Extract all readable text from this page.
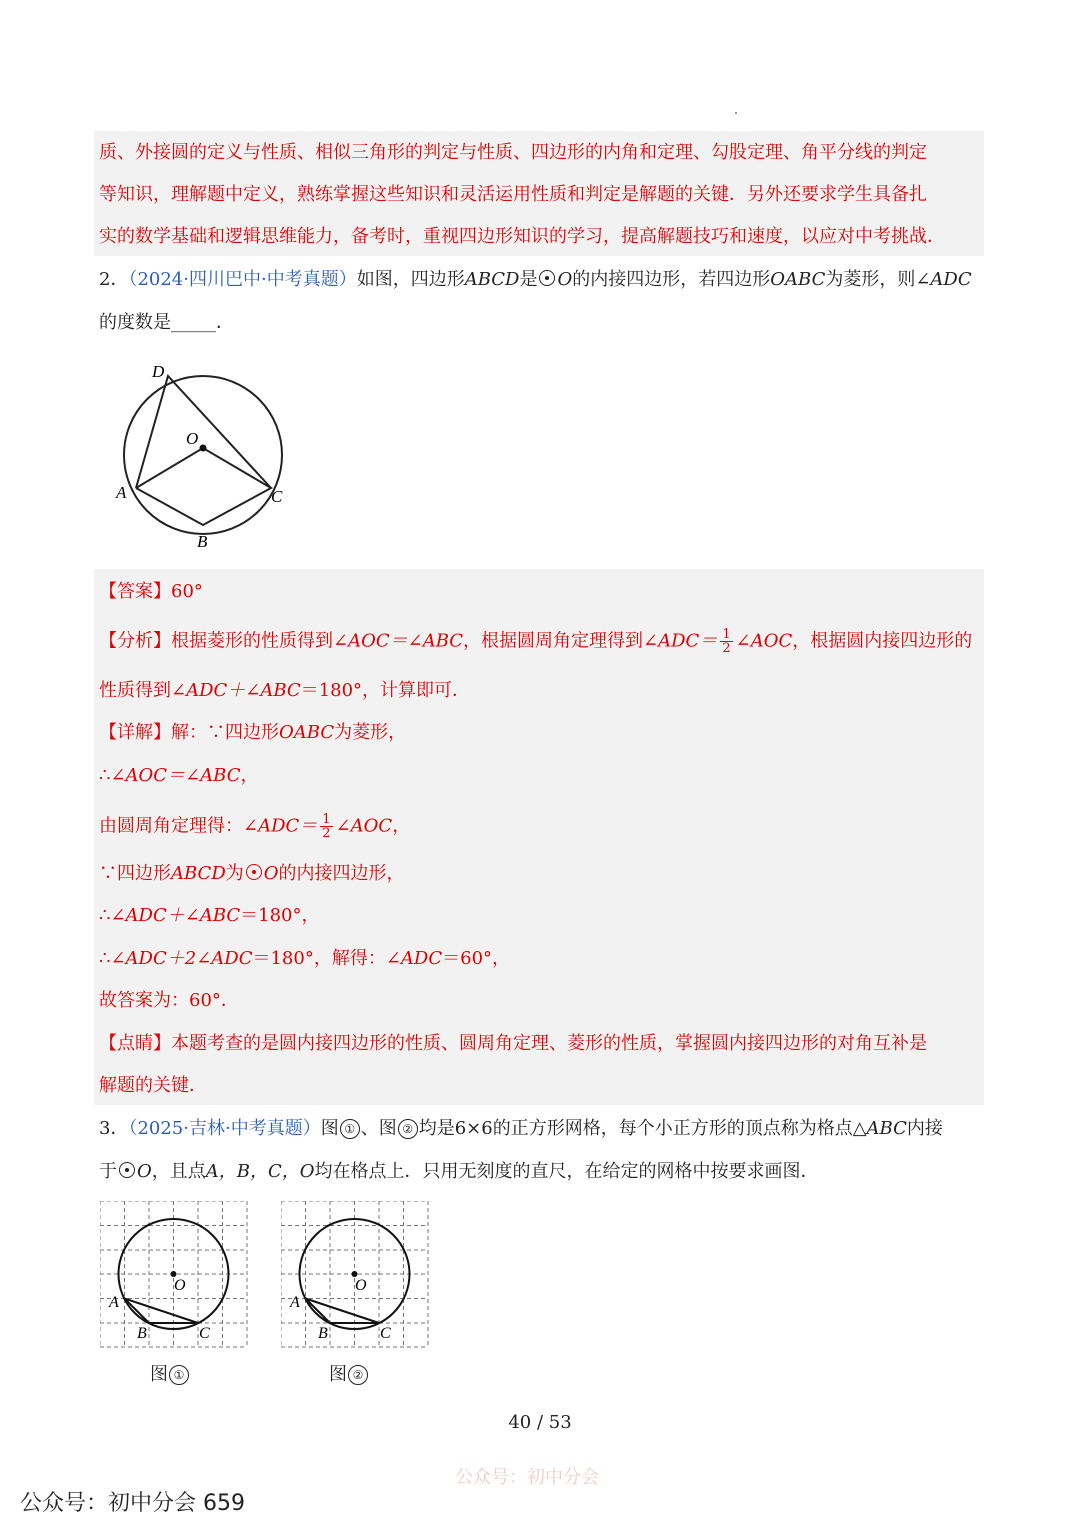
质、外接圆的定义与性质、相似三角形的判定与性质、四边形的内角和定理、勾股定理、角平分线的判定
等知识，理解题中定义，熟练掌握这些知识和灵活运用性质和判定是解题的关键．另外还要求学生具备扎
实的数学基础和逻辑思维能力，备考时，重视四边形知识的学习，提高解题技巧和速度，以应对中考挑战．
2．（2024·四川巴中·中考真题）如图，四边形ABCD是 O的内接四边形，若四边形OABC为菱形，则∠ADC
的度数是_____．
D
O
A	C
B
【答案】60°
【分析】根据菱形的性质得到∠AOC＝∠ABC，根据圆周角定理得到∠ADC＝ $\frac{1}{2}$ ∠AOC，根据圆内接四边形的
性质得到∠ADC＋∠ABC＝180°，计算即可．
【详解】解：∵四边形OABC为菱形，
∴∠AOC＝∠ABC，
由圆周角定理得：∠ADC＝ $\frac{1}{2}$ ∠AOC，
∵四边形ABCD为 O的内接四边形，
∴∠ADC＋∠ABC＝180°，
∴∠ADC＋2∠ADC＝180°，解得：∠ADC＝60°，
故答案为：60°．
【点睛】本题考查的是圆内接四边形的性质、圆周角定理、菱形的性质，掌握圆内接四边形的对角互补是
解题的关键．
3．（2025·吉林·中考真题）图 ① 、图 ② 均是6×6的正方形网格，每个小正方形的顶点称为格点△ABC内接
于 O，且点A，B，C，O均在格点上．只用无刻度的直尺，在给定的网格中按要求画图．
O
A
B	C
O
A
B	C
图 ①	图 ②
40 / 53
公众号：初中分会
公众号：初中分会 659
